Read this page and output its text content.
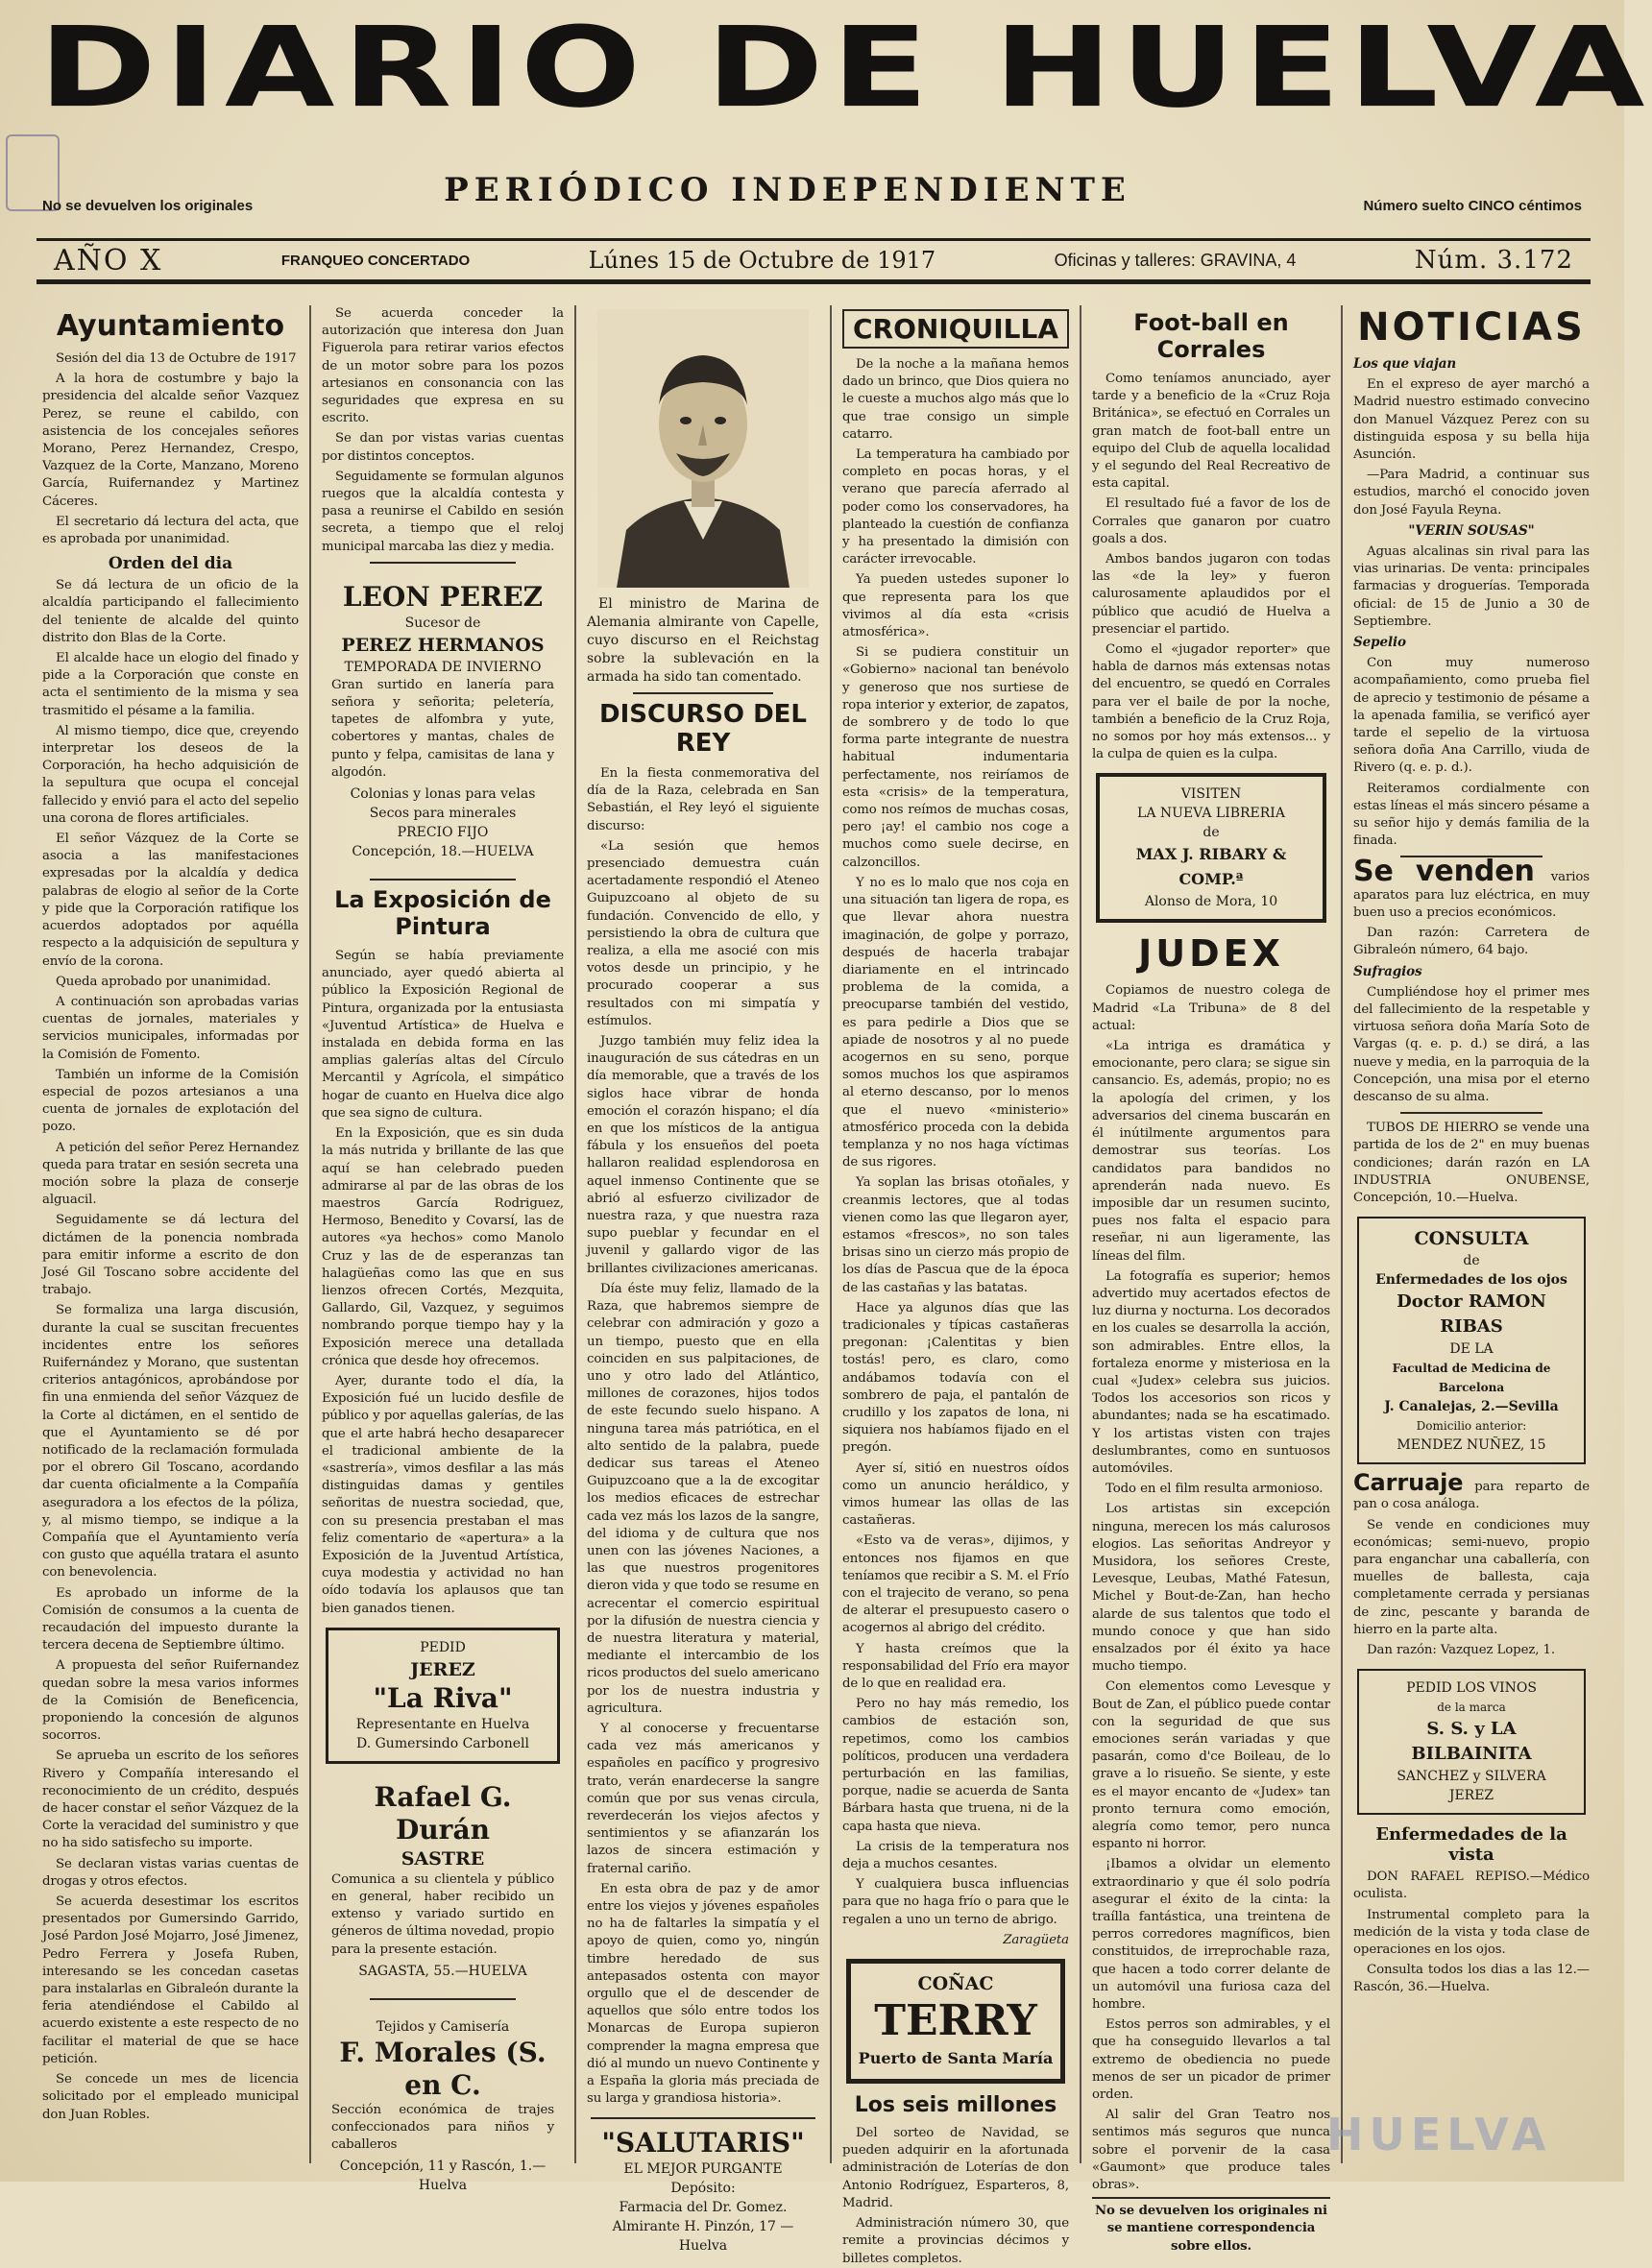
DIARIO DE HUELVA
PERIÓDICO INDEPENDIENTE
No se devuelven los originales	Número suelto CINCO céntimos
AÑO X	FRANQUEO CONCERTADO	Lúnes 15 de Octubre de 1917	Oficinas y talleres: GRAVINA, 4	Núm. 3.172
Ayuntamiento

Sesión del dia 13 de Octubre de 1917

A la hora de costumbre y bajo la presidencia del alcalde señor Vazquez Perez, se reune el cabildo, con asistencia de los concejales señores Morano, Perez Hernandez, Crespo, Vazquez de la Corte, Manzano, Moreno García, Ruifernandez y Martinez Cáceres.

El secretario dá lectura del acta, que es aprobada por unanimidad.

Orden del dia

Se dá lectura de un oficio de la alcaldía participando el fallecimiento del teniente de alcalde del quinto distrito don Blas de la Corte.

El alcalde hace un elogio del finado y pide a la Corporación que conste en acta el sentimiento de la misma y sea trasmitido el pésame a la familia.

Al mismo tiempo, dice que, creyendo interpretar los deseos de la Corporación, ha hecho adquisición de la sepultura que ocupa el concejal fallecido y envió para el acto del sepelio una corona de flores artificiales.

El señor Vázquez de la Corte se asocia a las manifestaciones expresadas por la alcaldía y dedica palabras de elogio al señor de la Corte y pide que la Corporación ratifique los acuerdos adoptados por aquélla respecto a la adquisición de sepultura y envío de la corona.

Queda aprobado por unanimidad.

A continuación son aprobadas varias cuentas de jornales, materiales y servicios municipales, informadas por la Comisión de Fomento.

También un informe de la Comisión especial de pozos artesianos a una cuenta de jornales de explotación del pozo.

A petición del señor Perez Hernandez queda para tratar en sesión secreta una moción sobre la plaza de conserje alguacil.

Seguidamente se dá lectura del dictámen de la ponencia nombrada para emitir informe a escrito de don José Gil Toscano sobre accidente del trabajo.

Se formaliza una larga discusión, durante la cual se suscitan frecuentes incidentes entre los señores Ruifernández y Morano, que sustentan criterios antagónicos, aprobándose por fin una enmienda del señor Vázquez de la Corte al dictámen, en el sentido de que el Ayuntamiento se dé por notificado de la reclamación formulada por el obrero Gil Toscano, acordando dar cuenta oficialmente a la Compañía aseguradora a los efectos de la póliza, y, al mismo tiempo, se indique a la Compañía que el Ayuntamiento vería con gusto que aquélla tratara el asunto con benevolencia.

Es aprobado un informe de la Comisión de consumos a la cuenta de recaudación del impuesto durante la tercera decena de Septiembre último.

A propuesta del señor Ruifernandez quedan sobre la mesa varios informes de la Comisión de Beneficencia, proponiendo la concesión de algunos socorros.

Se aprueba un escrito de los señores Rivero y Compañía interesando el reconocimiento de un crédito, después de hacer constar el señor Vázquez de la Corte la veracidad del suministro y que no ha sido satisfecho su importe.

Se declaran vistas varias cuentas de drogas y otros efectos.

Se acuerda desestimar los escritos presentados por Gumersindo Garrido, José Pardon José Mojarro, José Jimenez, Pedro Ferrera y Josefa Ruben, interesando se les concedan casetas para instalarlas en Gibraleón durante la feria atendiéndose el Cabildo al acuerdo existente a este respecto de no facilitar el material de que se hace petición.

Se concede un mes de licencia solicitado por el empleado municipal don Juan Robles.

Se acuerda conceder la autorización que interesa don Juan Figuerola para retirar varios efectos de un motor sobre para los pozos artesianos en consonancia con las seguridades que expresa en su escrito.

Se dan por vistas varias cuentas por distintos conceptos.

Seguidamente se formulan algunos ruegos que la alcaldía contesta y pasa a reunirse el Cabildo en sesión secreta, a tiempo que el reloj municipal marcaba las diez y media.

LEON PEREZ
Sucesor de
PEREZ HERMANOS
TEMPORADA DE INVIERNO

Gran surtido en lanería para señora y señorita; peletería, tapetes de alfombra y yute, cobertores y mantas, chales de punto y felpa, camisitas de lana y algodón.

Colonias y lonas para velas
Secos para minerales
PRECIO FIJO
Concepción, 18.—HUELVA
La Exposición de Pintura

Según se había previamente anunciado, ayer quedó abierta al público la Exposición Regional de Pintura, organizada por la entusiasta «Juventud Artística» de Huelva e instalada en debida forma en las amplias galerías altas del Círculo Mercantil y Agrícola, el simpático hogar de cuanto en Huelva dice algo que sea signo de cultura.

En la Exposición, que es sin duda la más nutrida y brillante de las que aquí se han celebrado pueden admirarse al par de las obras de los maestros García Rodriguez, Hermoso, Benedito y Covarsí, las de autores «ya hechos» como Manolo Cruz y las de de esperanzas tan halagüeñas como las que en sus lienzos ofrecen Cortés, Mezquita, Gallardo, Gil, Vazquez, y seguimos nombrando porque tiempo hay y la Exposición merece una detallada crónica que desde hoy ofrecemos.

Ayer, durante todo el día, la Exposición fué un lucido desfile de público y por aquellas galerías, de las que el arte habrá hecho desaparecer el tradicional ambiente de la «sastrería», vimos desfilar a las más distinguidas damas y gentiles señoritas de nuestra sociedad, que, con su presencia prestaban el mas feliz comentario de «apertura» a la Exposición de la Juventud Artística, cuya modestia y actividad no han oído todavía los aplausos que tan bien ganados tienen.

PEDID
JEREZ
"La Riva"
Representante en Huelva
D. Gumersindo Carbonell
Rafael G. Durán
SASTRE

Comunica a su clientela y público en general, haber recibido un extenso y variado surtido en géneros de última novedad, propio para la presente estación.

SAGASTA, 55.—HUELVA
Tejidos y Camisería
F. Morales (S. en C.

Sección económica de trajes confeccionados para niños y caballeros

Concepción, 11 y Rascón, 1.—Huelva

El ministro de Marina de Alemania almirante von Capelle, cuyo discurso en el Reichstag sobre la sublevación en la armada ha sido tan comentado.

DISCURSO DEL REY

En la fiesta conmemorativa del día de la Raza, celebrada en San Sebastián, el Rey leyó el siguiente discurso:

«La sesión que hemos presenciado demuestra cuán acertadamente respondió el Ateneo Guipuzcoano al objeto de su fundación. Convencido de ello, y persistiendo la obra de cultura que realiza, a ella me asocié con mis votos desde un principio, y he procurado cooperar a sus resultados con mi simpatía y estímulos.

Juzgo también muy feliz idea la inauguración de sus cátedras en un día memorable, que a través de los siglos hace vibrar de honda emoción el corazón hispano; el día en que los místicos de la antigua fábula y los ensueños del poeta hallaron realidad esplendorosa en aquel inmenso Continente que se abrió al esfuerzo civilizador de nuestra raza, y que nuestra raza supo pueblar y fecundar en el juvenil y gallardo vigor de las brillantes civilizaciones americanas.

Día éste muy feliz, llamado de la Raza, que habremos siempre de celebrar con admiración y gozo a un tiempo, puesto que en ella coinciden en sus palpitaciones, de uno y otro lado del Atlántico, millones de corazones, hijos todos de este fecundo suelo hispano. A ninguna tarea más patriótica, en el alto sentido de la palabra, puede dedicar sus tareas el Ateneo Guipuzcoano que a la de excogitar los medios eficaces de estrechar cada vez más los lazos de la sangre, del idioma y de cultura que nos unen con las jóvenes Naciones, a las que nuestros progenitores dieron vida y que todo se resume en acrecentar el comercio espiritual por la difusión de nuestra ciencia y de nuestra literatura y material, mediante el intercambio de los ricos productos del suelo americano por los de nuestra industria y agricultura.

Y al conocerse y frecuentarse cada vez más americanos y españoles en pacífico y progresivo trato, verán enardecerse la sangre común que por sus venas circula, reverdecerán los viejos afectos y sentimientos y se afianzarán los lazos de sincera estimación y fraternal cariño.

En esta obra de paz y de amor entre los viejos y jóvenes españoles no ha de faltarles la simpatía y el apoyo de quien, como yo, ningún timbre heredado de sus antepasados ostenta con mayor orgullo que el de descender de aquellos que sólo entre todos los Monarcas de Europa supieron comprender la magna empresa que dió al mundo un nuevo Continente y a España la gloria más preciada de su larga y grandiosa historia».

"SALUTARIS"
EL MEJOR PURGANTE
Depósito:
Farmacia del Dr. Gomez.
Almirante H. Pinzón, 17 — Huelva
CRONIQUILLA

De la noche a la mañana hemos dado un brinco, que Dios quiera no le cueste a muchos algo más que lo que trae consigo un simple catarro.

La temperatura ha cambiado por completo en pocas horas, y el verano que parecía aferrado al poder como los conservadores, ha planteado la cuestión de confianza y ha presentado la dimisión con carácter irrevocable.

Ya pueden ustedes suponer lo que representa para los que vivimos al día esta «crisis atmosférica».

Si se pudiera constituir un «Gobierno» nacional tan benévolo y generoso que nos surtiese de ropa interior y exterior, de zapatos, de sombrero y de todo lo que forma parte integrante de nuestra habitual indumentaria perfectamente, nos reiríamos de esta «crisis» de la temperatura, como nos reímos de muchas cosas, pero ¡ay! el cambio nos coge a muchos como suele decirse, en calzoncillos.

Y no es lo malo que nos coja en una situación tan ligera de ropa, es que llevar ahora nuestra imaginación, de golpe y porrazo, después de hacerla trabajar diariamente en el intrincado problema de la comida, a preocuparse también del vestido, es para pedirle a Dios que se apiade de nosotros y al no puede acogernos en su seno, porque somos muchos los que aspiramos al eterno descanso, por lo menos que el nuevo «ministerio» atmosférico proceda con la debida templanza y no nos haga víctimas de sus rigores.

Ya soplan las brisas otoñales, y creanmis lectores, que al todas vienen como las que llegaron ayer, estamos «frescos», no son tales brisas sino un cierzo más propio de los días de Pascua que de la época de las castañas y las batatas.

Hace ya algunos días que las tradicionales y típicas castañeras pregonan: ¡Calentitas y bien tostás! pero, es claro, como andábamos todavía con el sombrero de paja, el pantalón de crudillo y los zapatos de lona, ni siquiera nos habíamos fijado en el pregón.

Ayer sí, sitió en nuestros oídos como un anuncio heráldico, y vimos humear las ollas de las castañeras.

«Esto va de veras», dijimos, y entonces nos fijamos en que teníamos que recibir a S. M. el Frío con el trajecito de verano, so pena de alterar el presupuesto casero o acogernos al abrigo del crédito.

Y hasta creímos que la responsabilidad del Frío era mayor de lo que en realidad era.

Pero no hay más remedio, los cambios de estación son, repetimos, como los cambios políticos, producen una verdadera perturbación en las familias, porque, nadie se acuerda de Santa Bárbara hasta que truena, ni de la capa hasta que nieva.

La crisis de la temperatura nos deja a muchos cesantes.

Y cualquiera busca influencias para que no haga frío o para que le regalen a uno un terno de abrigo.

Zaragüeta

COÑAC
TERRY
Puerto de Santa María
Los seis millones

Del sorteo de Navidad, se pueden adquirir en la afortunada administración de Loterías de don Antonio Rodríguez, Esparteros, 8, Madrid.

Administración número 30, que remite a provincias décimos y billetes completos.

Foot-ball en Corrales

Como teníamos anunciado, ayer tarde y a beneficio de la «Cruz Roja Británica», se efectuó en Corrales un gran match de foot-ball entre un equipo del Club de aquella localidad y el segundo del Real Recreativo de esta capital.

El resultado fué a favor de los de Corrales que ganaron por cuatro goals a dos.

Ambos bandos jugaron con todas las «de la ley» y fueron calurosamente aplaudidos por el público que acudió de Huelva a presenciar el partido.

Como el «jugador reporter» que habla de darnos más extensas notas del encuentro, se quedó en Corrales para ver el baile de por la noche, también a beneficio de la Cruz Roja, no somos por hoy más extensos... y la culpa de quien es la culpa.

VISITEN
LA NUEVA LIBRERIA
de
MAX J. RIBARY & COMP.ª
Alonso de Mora, 10
JUDEX

Copiamos de nuestro colega de Madrid «La Tribuna» de 8 del actual:

«La intriga es dramática y emocionante, pero clara; se sigue sin cansancio. Es, además, propio; no es la apología del crimen, y los adversarios del cinema buscarán en él inútilmente argumentos para demostrar sus teorías. Los candidatos para bandidos no aprenderán nada nuevo. Es imposible dar un resumen sucinto, pues nos falta el espacio para reseñar, ni aun ligeramente, las líneas del film.

La fotografía es superior; hemos advertido muy acertados efectos de luz diurna y nocturna. Los decorados en los cuales se desarrolla la acción, son admirables. Entre ellos, la fortaleza enorme y misteriosa en la cual «Judex» celebra sus juicios. Todos los accesorios son ricos y abundantes; nada se ha escatimado. Y los artistas visten con trajes deslumbrantes, como en suntuosos automóviles.

Todo en el film resulta armonioso.

Los artistas sin excepción ninguna, merecen los más calurosos elogios. Las señoritas Andreyor y Musidora, los señores Creste, Levesque, Leubas, Mathé Fatesun, Michel y Bout-de-Zan, han hecho alarde de sus talentos que todo el mundo conoce y que han sido ensalzados por él éxito ya hace mucho tiempo.

Con elementos como Levesque y Bout de Zan, el público puede contar con la seguridad de que sus emociones serán variadas y que pasarán, como d'ce Boileau, de lo grave a lo risueño. Se siente, y este es el mayor encanto de «Judex» tan pronto ternura como emoción, alegría como temor, pero nunca espanto ni horror.

¡Ibamos a olvidar un elemento extraordinario y que él solo podría asegurar el éxito de la cinta: la traílla fantástica, una treintena de perros corredores magníficos, bien constituidos, de irreprochable raza, que hacen a todo correr delante de un automóvil una furiosa caza del hombre.

Estos perros son admirables, y el que ha conseguido llevarlos a tal extremo de obediencia no puede menos de ser un picador de primer orden.

Al salir del Gran Teatro nos sentimos más seguros que nunca sobre el porvenir de la casa «Gaumont» que produce tales obras».

No se devuelven los originales ni se mantiene correspondencia sobre ellos.

NOTICIAS

Los que viajan

En el expreso de ayer marchó a Madrid nuestro estimado convecino don Manuel Vázquez Perez con su distinguida esposa y su bella hija Asunción.

—Para Madrid, a continuar sus estudios, marchó el conocido joven don José Fayula Reyna.

"VERIN SOUSAS"

Aguas alcalinas sin rival para las vias urinarias. De venta: principales farmacias y droguerías. Temporada oficial: de 15 de Junio a 30 de Septiembre.

Sepelio

Con muy numeroso acompañamiento, como prueba fiel de aprecio y testimonio de pésame a la apenada familia, se verificó ayer tarde el sepelio de la virtuosa señora doña Ana Carrillo, viuda de Rivero (q. e. p. d.).

Reiteramos cordialmente con estas líneas el más sincero pésame a su señor hijo y demás familia de la finada.

Se venden varios aparatos para luz eléctrica, en muy buen uso a precios económicos.

Dan razón: Carretera de Gibraleón número, 64 bajo.

Sufragios

Cumpliéndose hoy el primer mes del fallecimiento de la respetable y virtuosa señora doña María Soto de Vargas (q. e. p. d.) se dirá, a las nueve y media, en la parroquia de la Concepción, una misa por el eterno descanso de su alma.

TUBOS DE HIERRO se vende una partida de los de 2" en muy buenas condiciones; darán razón en LA INDUSTRIA ONUBENSE, Concepción, 10.—Huelva.

CONSULTA
de
Enfermedades de los ojos
Doctor RAMON RIBAS
DE LA
Facultad de Medicina de Barcelona
J. Canalejas, 2.—Sevilla
Domicilio anterior:
MENDEZ NUÑEZ, 15

Carruaje para reparto de pan o cosa análoga.

Se vende en condiciones muy económicas; semi-nuevo, propio para enganchar una caballería, con muelles de ballesta, caja completamente cerrada y persianas de zinc, pescante y baranda de hierro en la parte alta.

Dan razón: Vazquez Lopez, 1.

PEDID LOS VINOS
de la marca
S. S. y LA BILBAINITA
SANCHEZ y SILVERA
JEREZ
Enfermedades de la vista

DON RAFAEL REPISO.—Médico oculista.

Instrumental completo para la medición de la vista y toda clase de operaciones en los ojos.

Consulta todos los dias a las 12.—Rascón, 36.—Huelva.

HUELVA
